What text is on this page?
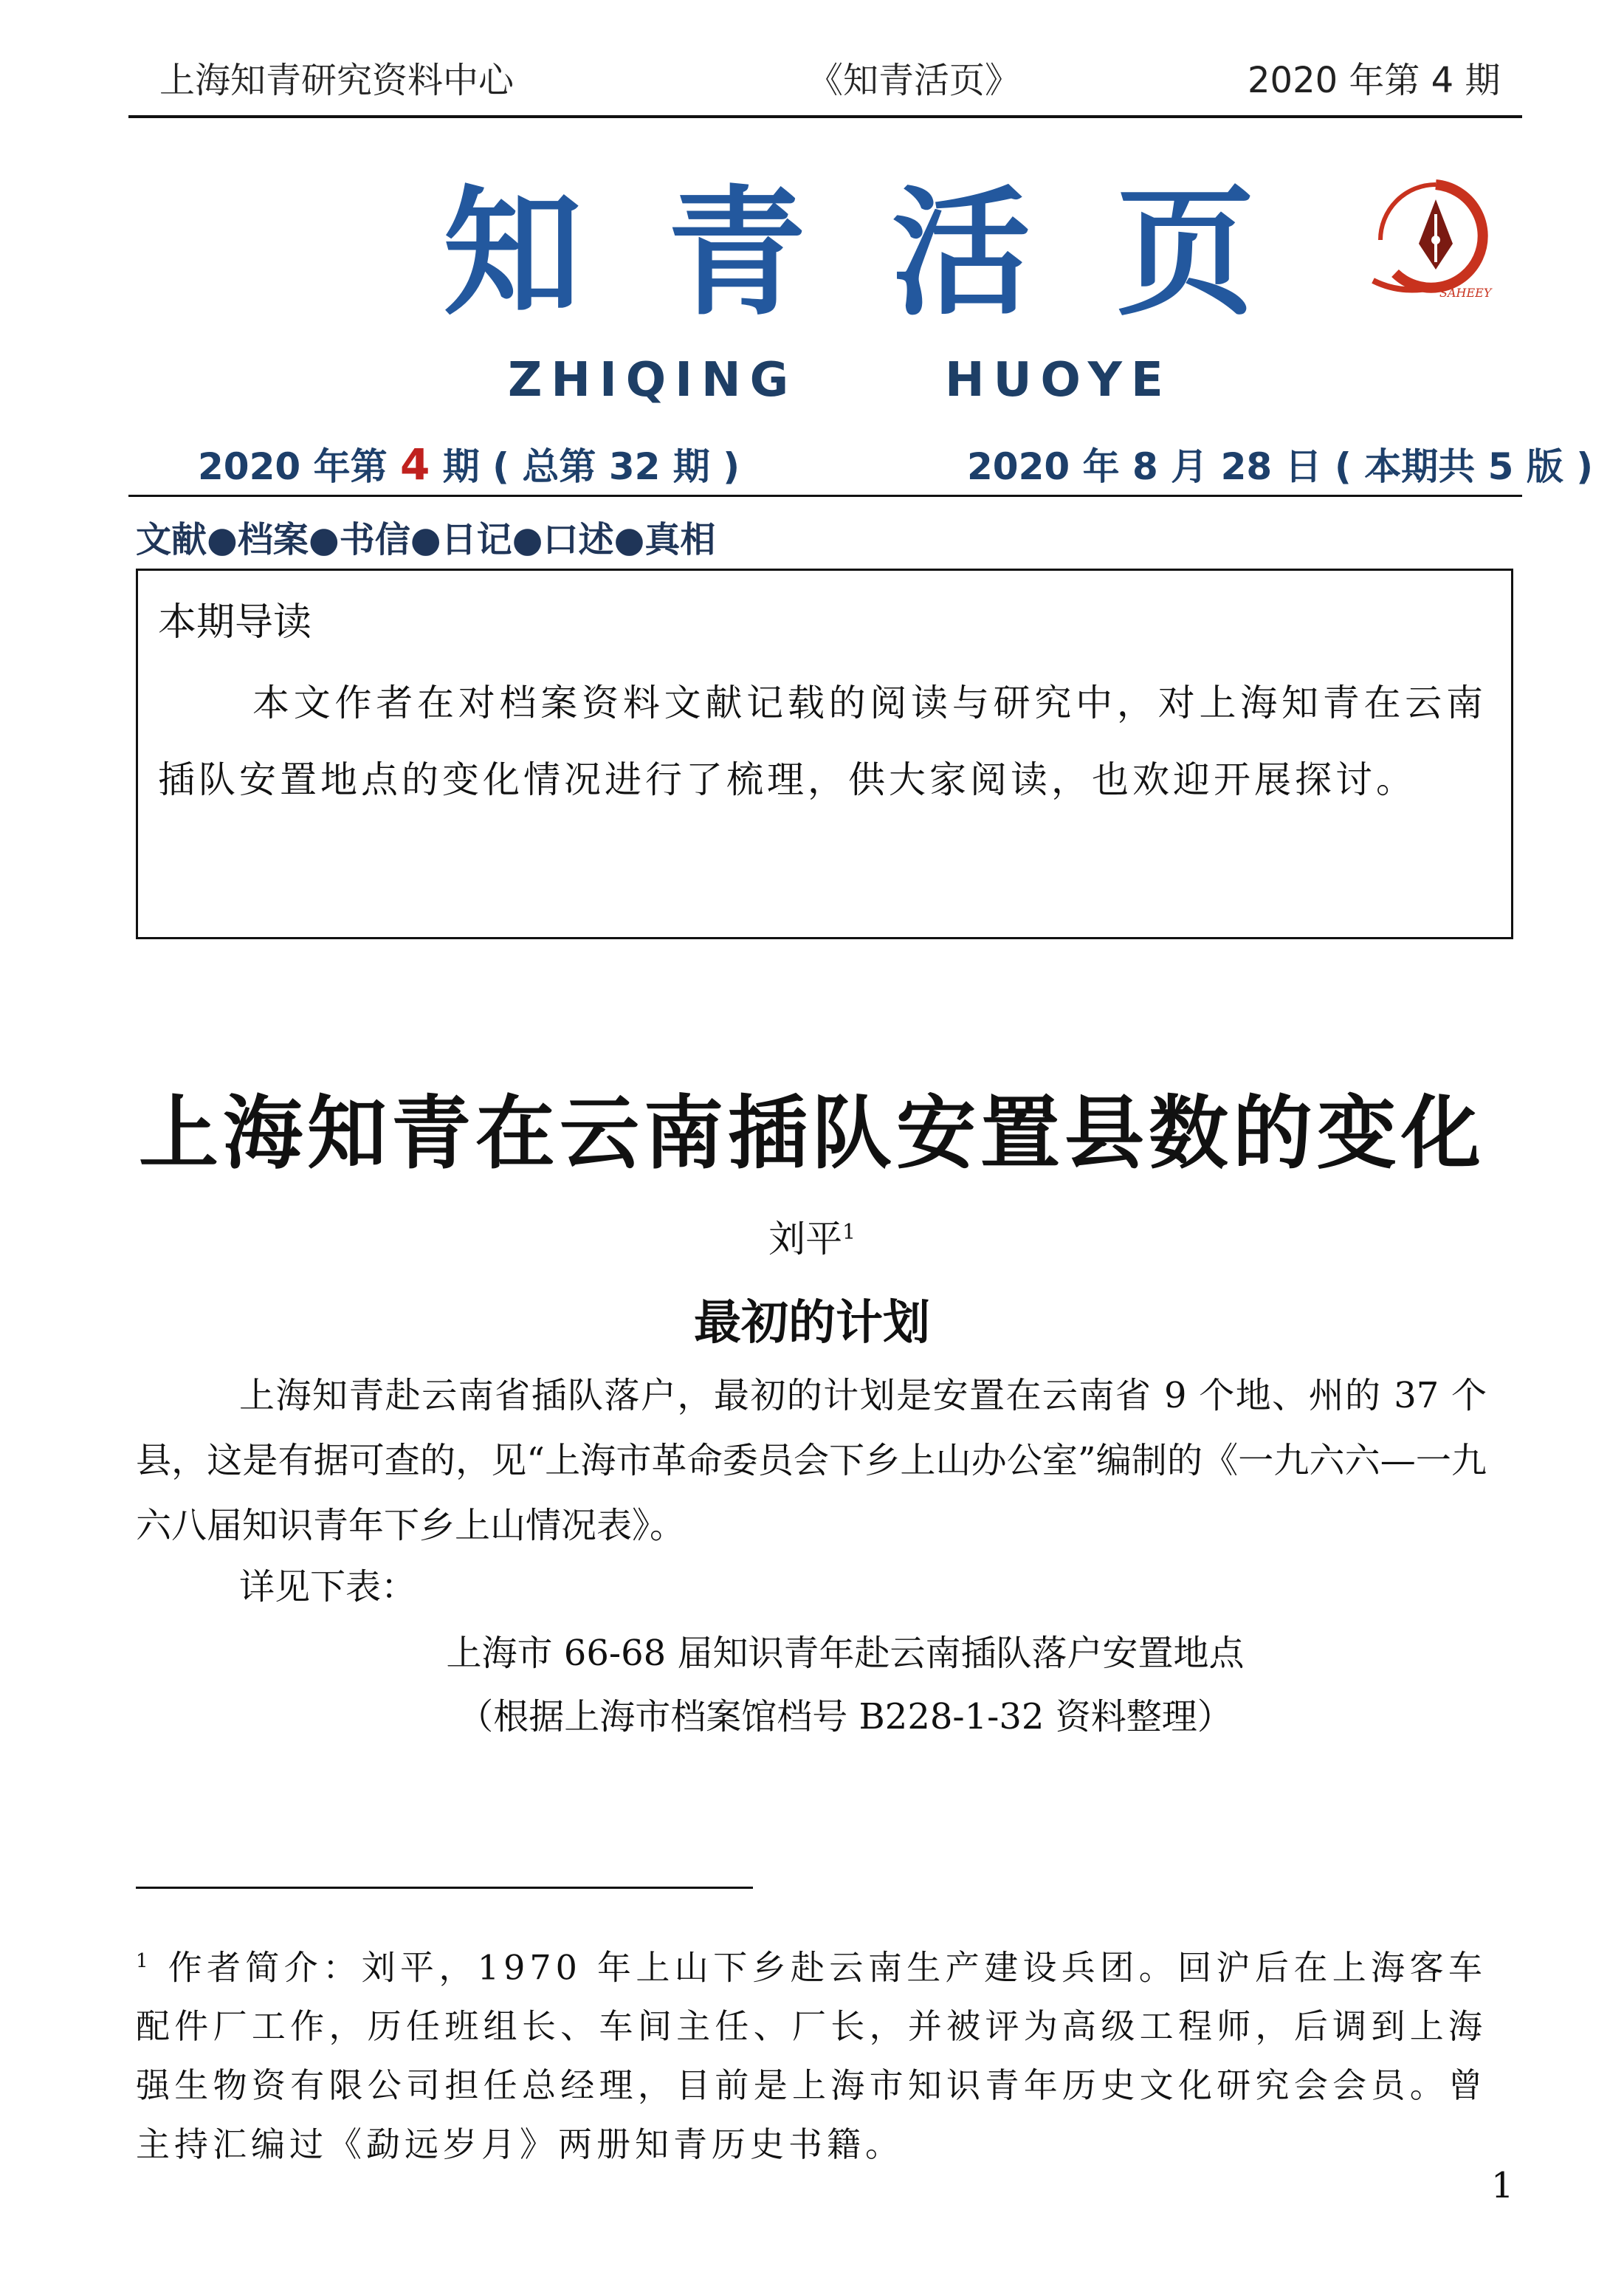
上海知青研究资料中心	《知青活页》	2020 年第 4 期
知 青 活 页	SAHEEY
ZHIQING	HUOYE
2020 年第 4 期 ( 总第 32 期 )	2020 年 8 月 28 日 ( 本期共 5 版 )
文献●档案●书信●日记●口述●真相
本期导读
本文作者在对档案资料文献记载的阅读与研究中，对上海知青在云南插队安置地点的变化情况进行了梳理，供大家阅读，也欢迎开展探讨。
上海知青在云南插队安置县数的变化
刘平$^1$
最初的计划
上海知青赴云南省插队落户，最初的计划是安置在云南省 9 个地、州的 37 个县，这是有据可查的，见“上海市革命委员会下乡上山办公室”编制的《一九六六—一九六八届知识青年下乡上山情况表》。
详见下表：
上海市 66-68 届知识青年赴云南插队落户安置地点
（根据上海市档案馆档号 B228-1-32 资料整理）
$^1$ 作者简介：刘平，1970 年上山下乡赴云南生产建设兵团。回沪后在上海客车配件厂工作，历任班组长、车间主任、厂长，并被评为高级工程师，后调到上海强生物资有限公司担任总经理，目前是上海市知识青年历史文化研究会会员。曾主持汇编过《勐远岁月》两册知青历史书籍。
1
